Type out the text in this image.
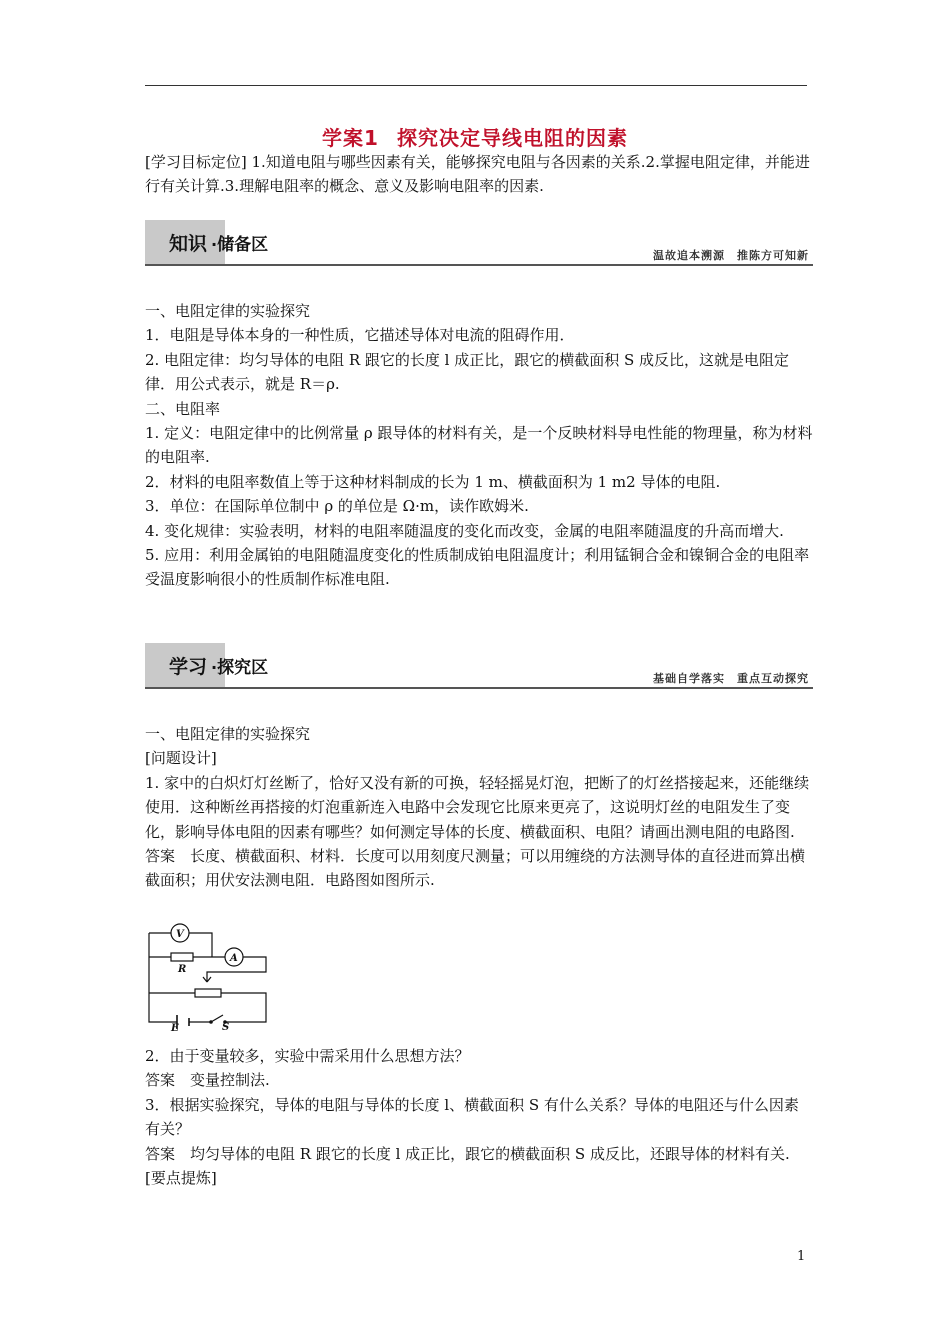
学案1 探究决定导线电阻的因素

[学习目标定位] 1.知道电阻与哪些因素有关，能够探究电阻与各因素的关系.2.掌握电阻定律，并能进行有关计算.3.理解电阻率的概念、意义及影响电阻率的因素.

知识 ·储备区
温故追本溯源　推陈方可知新

一、电阻定律的实验探究

1．电阻是导体本身的一种性质，它描述导体对电流的阻碍作用．

2. 电阻定律：均匀导体的电阻 R 跟它的长度 l 成正比，跟它的横截面积 S 成反比，这就是电阻定律．用公式表示，就是 R＝ρ.

二、电阻率

1. 定义：电阻定律中的比例常量 ρ 跟导体的材料有关，是一个反映材料导电性能的物理量，称为材料的电阻率.

2．材料的电阻率数值上等于这种材料制成的长为 1 m、横截面积为 1 m2 导体的电阻.

3．单位：在国际单位制中 ρ 的单位是 Ω·m，读作欧姆米.

4. 变化规律：实验表明，材料的电阻率随温度的变化而改变，金属的电阻率随温度的升高而增大.

5. 应用：利用金属铂的电阻随温度变化的性质制成铂电阻温度计；利用锰铜合金和镍铜合金的电阻率受温度影响很小的性质制作标准电阻.

学习 ·探究区
基础自学落实　重点互动探究

一、电阻定律的实验探究

[问题设计]

1. 家中的白炽灯灯丝断了，恰好又没有新的可换，轻轻摇晃灯泡，把断了的灯丝搭接起来，还能继续使用．这种断丝再搭接的灯泡重新连入电路中会发现它比原来更亮了，这说明灯丝的电阻发生了变化，影响导体电阻的因素有哪些？如何测定导体的长度、横截面积、电阻？请画出测电阻的电路图.

答案　长度、横截面积、材料．长度可以用刻度尺测量；可以用缠绕的方法测导体的直径进而算出横截面积；用伏安法测电阻．电路图如图所示.

V
A
R
E	S

2．由于变量较多，实验中需采用什么思想方法？

答案　变量控制法.

3．根据实验探究，导体的电阻与导体的长度 l、横截面积 S 有什么关系？导体的电阻还与什么因素有关？

答案　均匀导体的电阻 R 跟它的长度 l 成正比，跟它的横截面积 S 成反比，还跟导体的材料有关.

[要点提炼]

1
